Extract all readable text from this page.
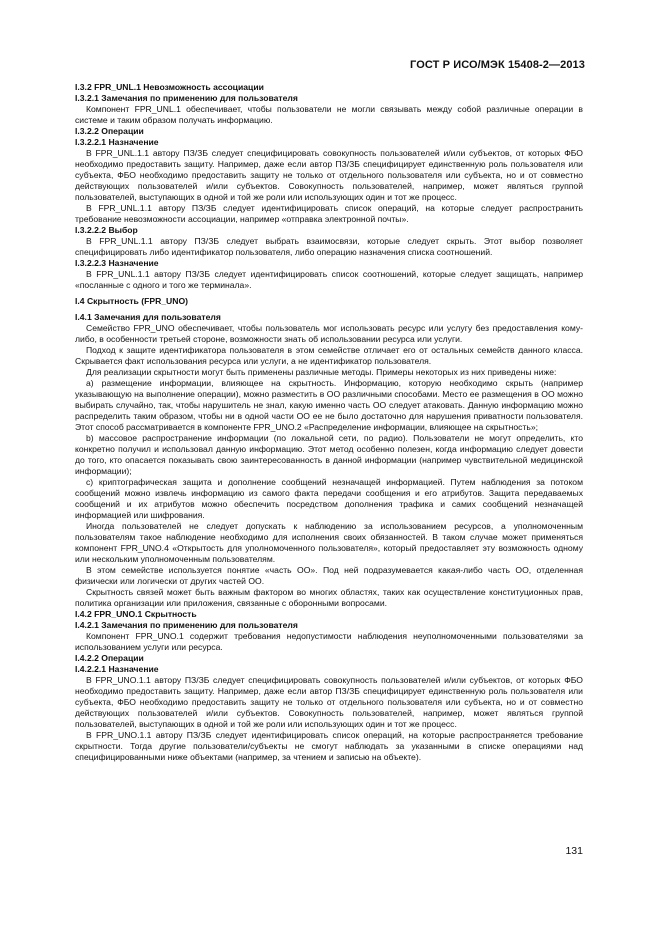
ГОСТ Р ИСО/МЭК 15408-2—2013
I.3.2 FPR_UNL.1 Невозможность ассоциации
I.3.2.1 Замечания по применению для пользователя
Компонент FPR_UNL.1 обеспечивает, чтобы пользователи не могли связывать между собой различные операции в системе и таким образом получать информацию.
I.3.2.2 Операции
I.3.2.2.1 Назначение
В FPR_UNL.1.1 автору ПЗ/ЗБ следует специфицировать совокупность пользователей и/или субъектов, от которых ФБО необходимо предоставить защиту. Например, даже если автор ПЗ/ЗБ специфицирует единственную роль пользователя или субъекта, ФБО необходимо предоставить защиту не только от отдельного пользователя или субъекта, но и от совместно действующих пользователей и/или субъектов. Совокупность пользователей, например, может являться группой пользователей, выступающих в одной и той же роли или использующих один и тот же процесс.
В FPR_UNL.1.1 автору ПЗ/ЗБ следует идентифицировать список операций, на которые следует распространить требование невозможности ассоциации, например «отправка электронной почты».
I.3.2.2.2 Выбор
В FPR_UNL.1.1 автору ПЗ/ЗБ следует выбрать взаимосвязи, которые следует скрыть. Этот выбор позволяет специфицировать либо идентификатор пользователя, либо операцию назначения списка соотношений.
I.3.2.2.3 Назначение
В FPR_UNL.1.1 автору ПЗ/ЗБ следует идентифицировать список соотношений, которые следует защищать, например «посланные с одного и того же терминала».
I.4 Скрытность (FPR_UNO)
I.4.1 Замечания для пользователя
Семейство FPR_UNO обеспечивает, чтобы пользователь мог использовать ресурс или услугу без предоставления кому-либо, в особенности третьей стороне, возможности знать об использовании ресурса или услуги.
Подход к защите идентификатора пользователя в этом семействе отличает его от остальных семейств данного класса. Скрывается факт использования ресурса или услуги, а не идентификатор пользователя.
Для реализации скрытности могут быть применены различные методы. Примеры некоторых из них приведены ниже:
а) размещение информации, влияющее на скрытность. Информацию, которую необходимо скрыть (например указывающую на выполнение операции), можно разместить в ОО различными способами. Место ее размещения в ОО можно выбирать случайно, так, чтобы нарушитель не знал, какую именно часть ОО следует атаковать. Данную информацию можно распределить таким образом, чтобы ни в одной части ОО ее не было достаточно для нарушения приватности пользователя. Этот способ рассматривается в компоненте FPR_UNO.2 «Распределение информации, влияющее на скрытность»;
b) массовое распространение информации (по локальной сети, по радио). Пользователи не могут определить, кто конкретно получил и использовал данную информацию. Этот метод особенно полезен, когда информацию следует довести до того, кто опасается показывать свою заинтересованность в данной информации (например чувствительной медицинской информации);
с) криптографическая защита и дополнение сообщений незначащей информацией. Путем наблюдения за потоком сообщений можно извлечь информацию из самого факта передачи сообщения и его атрибутов. Защита передаваемых сообщений и их атрибутов можно обеспечить посредством дополнения трафика и самих сообщений незначащей информацией или шифрования.
Иногда пользователей не следует допускать к наблюдению за использованием ресурсов, а уполномоченным пользователям такое наблюдение необходимо для исполнения своих обязанностей. В таком случае может применяться компонент FPR_UNO.4 «Открытость для уполномоченного пользователя», который предоставляет эту возможность одному или нескольким уполномоченным пользователям.
В этом семействе используется понятие «часть ОО». Под ней подразумевается какая-либо часть ОО, отделенная физически или логически от других частей ОО.
Скрытность связей может быть важным фактором во многих областях, таких как осуществление конституционных прав, политика организации или приложения, связанные с оборонными вопросами.
I.4.2 FPR_UNO.1 Скрытность
I.4.2.1 Замечания по применению для пользователя
Компонент FPR_UNO.1 содержит требования недопустимости наблюдения неуполномоченными пользователями за использованием услуги или ресурса.
I.4.2.2 Операции
I.4.2.2.1 Назначение
В FPR_UNO.1.1 автору ПЗ/ЗБ следует специфицировать совокупность пользователей и/или субъектов, от которых ФБО необходимо предоставить защиту. Например, даже если автор ПЗ/ЗБ специфицирует единственную роль пользователя или субъекта, ФБО необходимо предоставить защиту не только от отдельного пользователя или субъекта, но и от совместно действующих пользователей и/или субъектов. Совокупность пользователей, например, может являться группой пользователей, выступающих в одной и той же роли или использующих один и тот же процесс.
В FPR_UNO.1.1 автору ПЗ/ЗБ следует идентифицировать список операций, на которые распространяется требование скрытности. Тогда другие пользователи/субъекты не смогут наблюдать за указанными в списке операциями над специфицированными ниже объектами (например, за чтением и записью на объекте).
131
